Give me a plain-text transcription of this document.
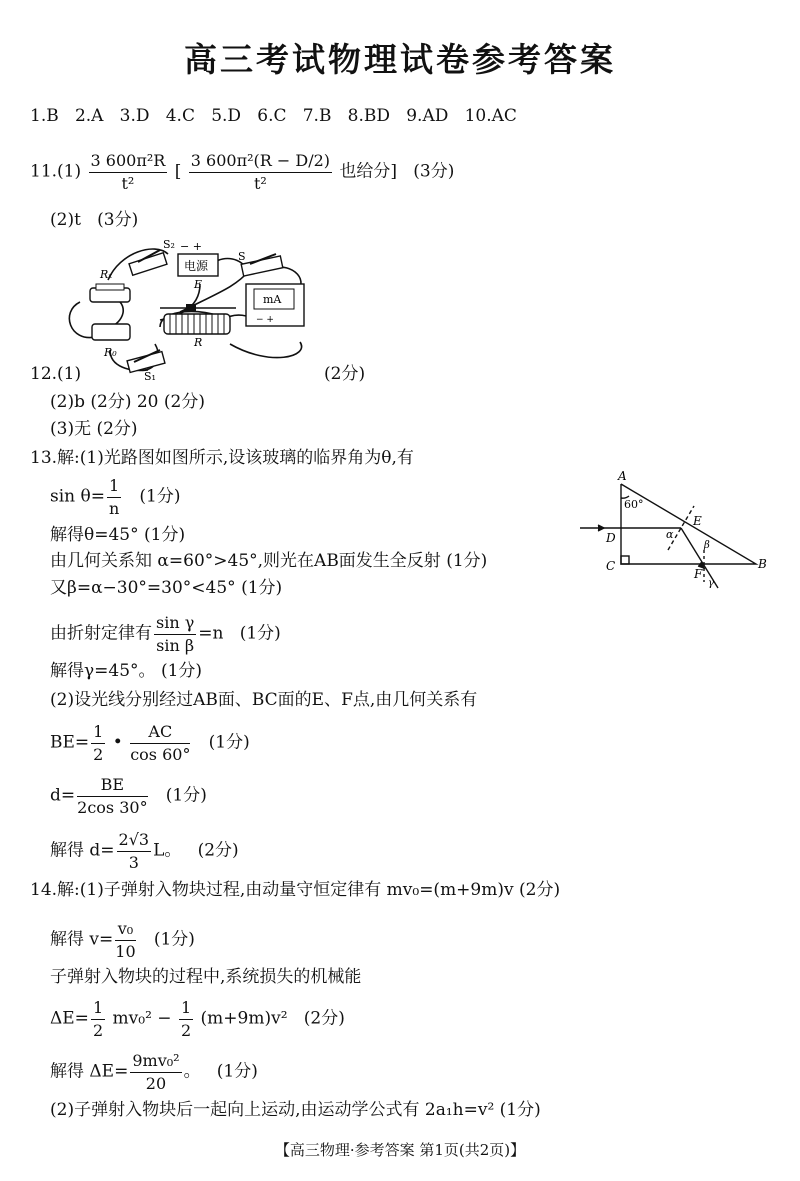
高三考试物理试卷参考答案
1.B 2.A 3.D 4.C 5.D 6.C 7.B 8.BD 9.AD 10.AC
$11.(1) \frac{\text{3 600π²R}}{\text{t²}}$ [ $\frac{\text{3 600π²(R − D/2)}}{\text{t²}}$ 也给分] (3分)
(2)t (3分)
S₂ − +
电源
E
S
Rₓ
mA
− +
R₀
R
S₁
12.(1)	(2分)
(2)b (2分) 20 (2分)
(3)无 (2分)
13.解:(1)光路图如图所示,设该玻璃的临界角为θ,有
$\sin \theta= \frac{1}{n} (1$分)
解得θ=45° (1分)
由几何关系知 α=60°>45°,则光在AB面发生全反射 (1分)
又β=α−30°=30°<45° (1分)
由折射定律有 $\frac{\text{sin γ}}{\text{sin β}} =n$ (1分)
解得γ=45°。 (1分)
(2)设光线分别经过AB面、BC面的E、F点,由几何关系有
$BE= \frac{1}{2}$ • $\frac{AC}{\cos 60^\circ} (1$分)
$d= \frac{BE}{2\cos 30^\circ} (1$分)
解得 $d= \frac{2√3}{3}$ L。 (2分)
A
60°
E
D	α
β
B
C
F
γ
14.解:(1)子弹射入物块过程,由动量守恒定律有 mv₀=(m+9m)v (2分)
解得 $v= \frac{\text{v₀}}{10} (1$分)
子弹射入物块的过程中,系统损失的机械能
$\Delta E= \frac{1}{2} mv_0^2 - \frac{1}{2} (m+9m)v^2$ (2分)
解得 $\Delta E= \frac{\text{9mv₀²}}{20}$ 。 (1分)
(2)子弹射入物块后一起向上运动,由运动学公式有 2a₁h=v² (1分)
【高三物理·参考答案 第1页(共2页)】
